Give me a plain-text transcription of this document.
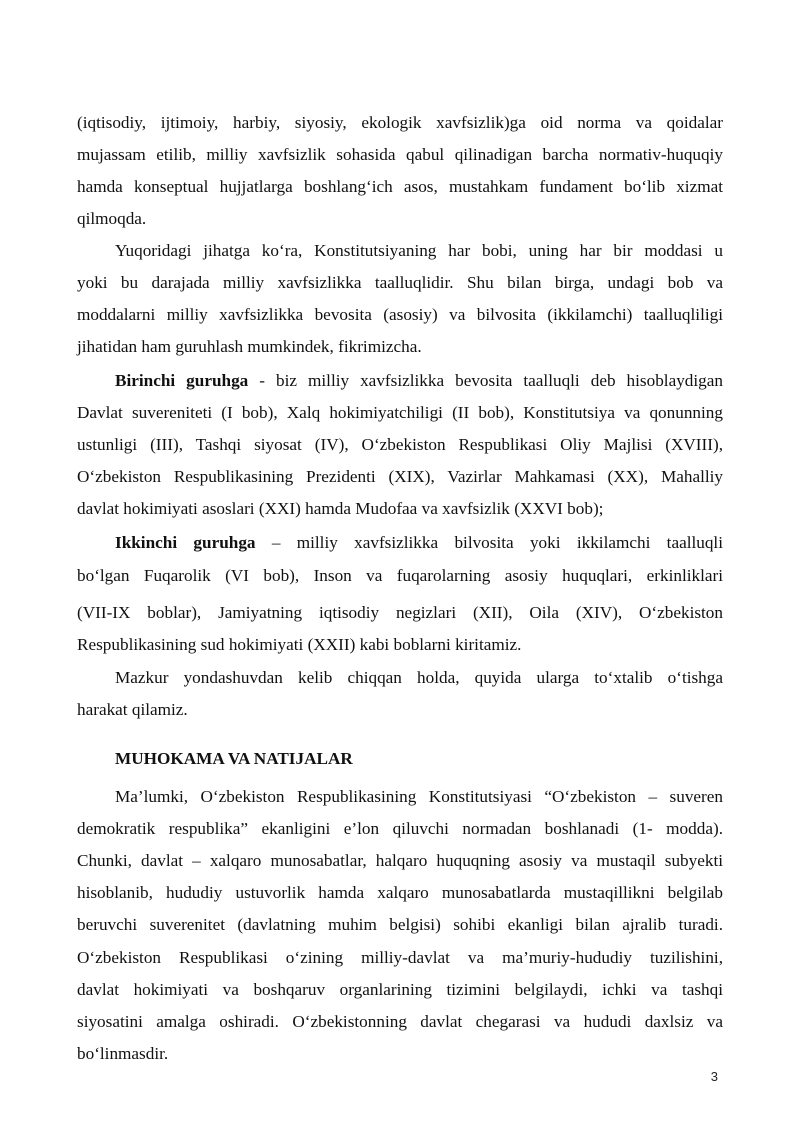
(iqtisodiy, ijtimoiy, harbiy, siyosiy, ekologik xavfsizlik)ga oid norma va qoidalar
mujassam etilib, milliy xavfsizlik sohasida qabul qilinadigan barcha normativ-huquqiy
hamda konseptual hujjatlarga boshlang‘ich asos, mustahkam fundament bo‘lib xizmat
qilmoqda.
Yuqoridagi jihatga ko‘ra, Konstitutsiyaning har bobi, uning har bir moddasi u
yoki bu darajada milliy xavfsizlikka taalluqlidir. Shu bilan birga, undagi bob va
moddalarni milliy xavfsizlikka bevosita (asosiy) va bilvosita (ikkilamchi) taalluqliligi
jihatidan ham guruhlash mumkindek, fikrimizcha.
Birinchi guruhga - biz milliy xavfsizlikka bevosita taalluqli deb hisoblaydigan
Davlat suvereniteti (I bob), Xalq hokimiyatchiligi (II bob), Konstitutsiya va qonunning
ustunligi (III), Tashqi siyosat (IV), O‘zbekiston Respublikasi Oliy Majlisi (XVIII),
O‘zbekiston Respublikasining Prezidenti (XIX), Vazirlar Mahkamasi (XX), Mahalliy
davlat hokimiyati asoslari (XXI) hamda Mudofaa va xavfsizlik (XXVI bob);
Ikkinchi guruhga – milliy xavfsizlikka bilvosita yoki ikkilamchi taalluqli
bo‘lgan Fuqarolik (VI bob), Inson va fuqarolarning asosiy huquqlari, erkinliklari
(VII-IX boblar), Jamiyatning iqtisodiy negizlari (XII), Oila (XIV), O‘zbekiston
Respublikasining sud hokimiyati (XXII) kabi boblarni kiritamiz.
Mazkur yondashuvdan kelib chiqqan holda, quyida ularga to‘xtalib o‘tishga
harakat qilamiz.
MUHOKAMA VA NATIJALAR
Ma’lumki, O‘zbekiston Respublikasining Konstitutsiyasi “O‘zbekiston – suveren
demokratik respublika” ekanligini e’lon qiluvchi normadan boshlanadi (1- modda).
Chunki, davlat – xalqaro munosabatlar, halqaro huquqning asosiy va mustaqil subyekti
hisoblanib, hududiy ustuvorlik hamda xalqaro munosabatlarda mustaqillikni belgilab
beruvchi suverenitet (davlatning muhim belgisi) sohibi ekanligi bilan ajralib turadi.
O‘zbekiston Respublikasi o‘zining milliy-davlat va ma’muriy-hududiy tuzilishini,
davlat hokimiyati va boshqaruv organlarining tizimini belgilaydi, ichki va tashqi
siyosatini amalga oshiradi. O‘zbekistonning davlat chegarasi va hududi daxlsiz va
bo‘linmasdir.
3
